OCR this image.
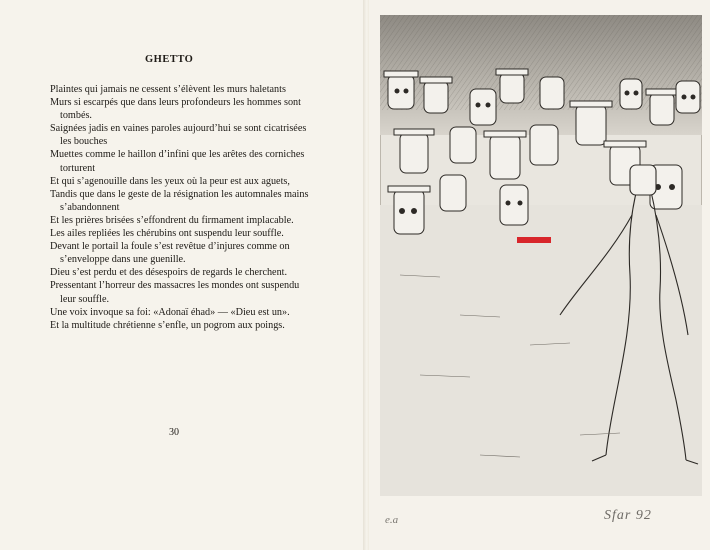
GHETTO
Plaintes qui jamais ne cessent s’élèvent les murs haletants
Murs si escarpés que dans leurs profondeurs les hommes sont
tombés.
Saignées jadis en vaines paroles aujourd’hui se sont cicatrisées
les bouches
Muettes comme le haillon d’infini que les arêtes des corniches
torturent
Et qui s’agenouille dans les yeux où la peur est aux aguets,
Tandis que dans le geste de la résignation les automnales mains
s’abandonnent
Et les prières brisées s’effondrent du firmament implacable.
Les ailes repliées les chérubins ont suspendu leur souffle.
Devant le portail la foule s’est revêtue d’injures comme on
s’enveloppe dans une guenille.
Dieu s’est perdu et des désespoirs de regards le cherchent.
Pressentant l’horreur des massacres les mondes ont suspendu
leur souffle.
Une voix invoque sa foi: «Adonaï éhad» — «Dieu est un».
Et la multitude chrétienne s’enfle, un pogrom aux poings.
30
e.a	Sfar 92
